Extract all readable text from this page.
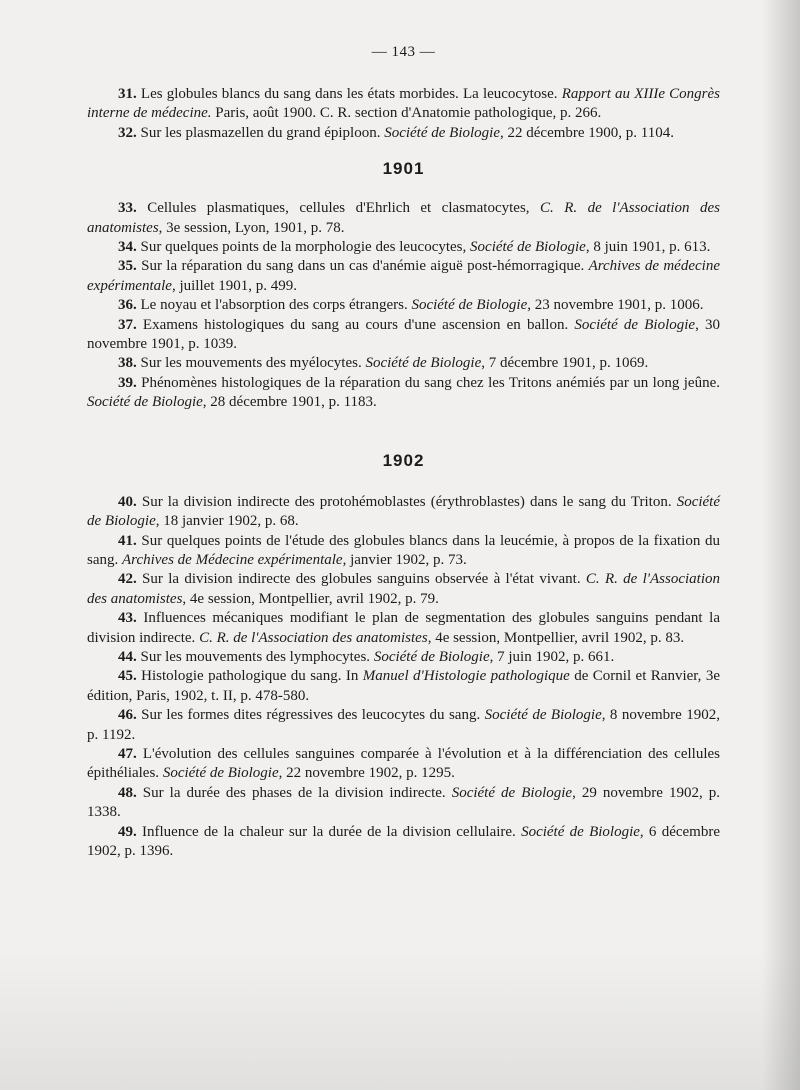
— 143 —

31. Les globules blancs du sang dans les états morbides. La leucocytose. Rapport au XIIIe Congrès interne de médecine. Paris, août 1900. C. R. section d'Anatomie pathologique, p. 266.

32. Sur les plasmazellen du grand épiploon. Société de Biologie, 22 décembre 1900, p. 1104.

1901

33. Cellules plasmatiques, cellules d'Ehrlich et clasmatocytes, C. R. de l'Association des anatomistes, 3e session, Lyon, 1901, p. 78.

34. Sur quelques points de la morphologie des leucocytes, Société de Biologie, 8 juin 1901, p. 613.

35. Sur la réparation du sang dans un cas d'anémie aiguë post-hémorragique. Archives de médecine expérimentale, juillet 1901, p. 499.

36. Le noyau et l'absorption des corps étrangers. Société de Biologie, 23 novembre 1901, p. 1006.

37. Examens histologiques du sang au cours d'une ascension en ballon. Société de Biologie, 30 novembre 1901, p. 1039.

38. Sur les mouvements des myélocytes. Société de Biologie, 7 décembre 1901, p. 1069.

39. Phénomènes histologiques de la réparation du sang chez les Tritons anémiés par un long jeûne. Société de Biologie, 28 décembre 1901, p. 1183.

1902

40. Sur la division indirecte des protohémoblastes (érythroblastes) dans le sang du Triton. Société de Biologie, 18 janvier 1902, p. 68.

41. Sur quelques points de l'étude des globules blancs dans la leucémie, à propos de la fixation du sang. Archives de Médecine expérimentale, janvier 1902, p. 73.

42. Sur la division indirecte des globules sanguins observée à l'état vivant. C. R. de l'Association des anatomistes, 4e session, Montpellier, avril 1902, p. 79.

43. Influences mécaniques modifiant le plan de segmentation des globules sanguins pendant la division indirecte. C. R. de l'Association des anatomistes, 4e session, Montpellier, avril 1902, p. 83.

44. Sur les mouvements des lymphocytes. Société de Biologie, 7 juin 1902, p. 661.

45. Histologie pathologique du sang. In Manuel d'Histologie pathologique de Cornil et Ranvier, 3e édition, Paris, 1902, t. II, p. 478-580.

46. Sur les formes dites régressives des leucocytes du sang. Société de Biologie, 8 novembre 1902, p. 1192.

47. L'évolution des cellules sanguines comparée à l'évolution et à la différenciation des cellules épithéliales. Société de Biologie, 22 novembre 1902, p. 1295.

48. Sur la durée des phases de la division indirecte. Société de Biologie, 29 novembre 1902, p. 1338.

49. Influence de la chaleur sur la durée de la division cellulaire. Société de Biologie, 6 décembre 1902, p. 1396.
